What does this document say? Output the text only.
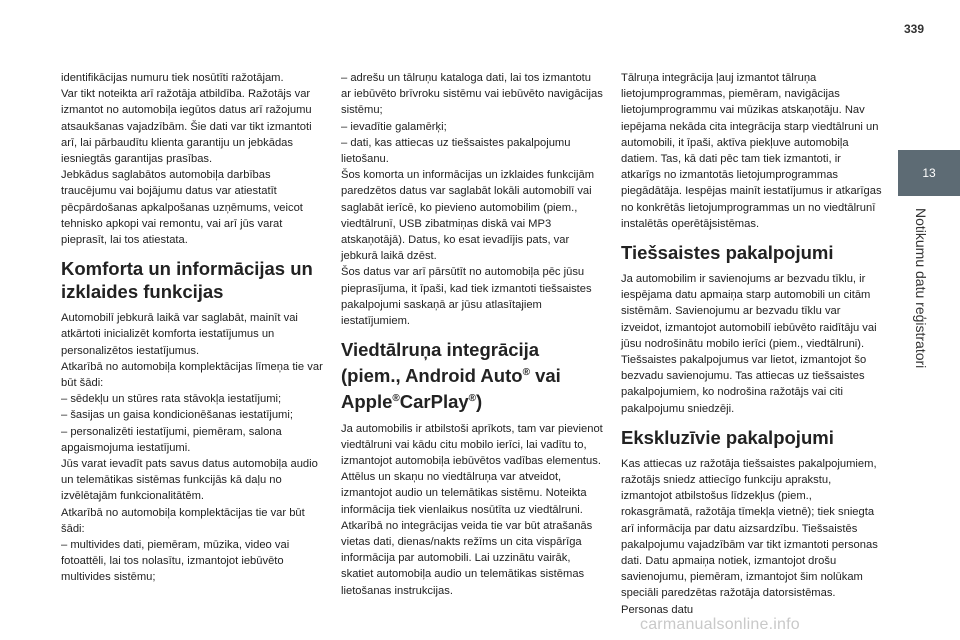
339
13
Notikumu datu reģistratori

identifikācijas numuru tiek nosūtīti ražotājam.
Var tikt noteikta arī ražotāja atbildība. Ražotājs var izmantot no automobiļa iegūtos datus arī ražojumu atsaukšanas vajadzībām. Šie dati var tikt izmantoti arī, lai pārbaudītu klienta garantiju un jebkādas iesniegtās garantijas prasības.
Jebkādus saglabātos automobiļa darbības traucējumu vai bojājumu datus var atiestatīt pēcpārdošanas apkalpošanas uzņēmums, veicot tehnisko apkopi vai remontu, vai arī jūs varat pieprasīt, lai tos atiestata.

Komforta un informācijas un izklaides funkcijas

Automobilī jebkurā laikā var saglabāt, mainīt vai atkārtoti inicializēt komforta iestatījumus un personalizētos iestatījumus.
Atkarībā no automobiļa komplektācijas līmeņa tie var būt šādi:
– sēdekļu un stūres rata stāvokļa iestatījumi;
– šasijas un gaisa kondicionēšanas iestatījumi;
– personalizēti iestatījumi, piemēram, salona apgaismojuma iestatījumi.
Jūs varat ievadīt pats savus datus automobiļa audio un telemātikas sistēmas funkcijās kā daļu no izvēlētajām funkcionalitātēm.
Atkarībā no automobiļa komplektācijas tie var būt šādi:
– multivides dati, piemēram, mūzika, video vai fotoattēli, lai tos nolasītu, izmantojot iebūvēto multivides sistēmu;

– adrešu un tālruņu kataloga dati, lai tos izmantotu ar iebūvēto brīvroku sistēmu vai iebūvēto navigācijas sistēmu;
– ievadītie galamērķi;
– dati, kas attiecas uz tiešsaistes pakalpojumu lietošanu.
Šos komorta un informācijas un izklaides funkcijām paredzētos datus var saglabāt lokāli automobilī vai saglabāt ierīcē, ko pievieno automobilim (piem., viedtālrunī, USB zibatmiņas diskā vai MP3 atskaņotājā). Datus, ko esat ievadījis pats, var jebkurā laikā dzēst.
Šos datus var arī pārsūtīt no automobiļa pēc jūsu pieprasījuma, it īpaši, kad tiek izmantoti tiešsaistes pakalpojumi saskaņā ar jūsu atlasītajiem iestatījumiem.

Viedtālruņa integrācija (piem., Android Auto® vai Apple®CarPlay®)

Ja automobilis ir atbilstoši aprīkots, tam var pievienot viedtālruni vai kādu citu mobilo ierīci, lai vadītu to, izmantojot automobiļa iebūvētos vadības elementus. Attēlus un skaņu no viedtālruņa var atveidot, izmantojot audio un telemātikas sistēmu. Noteikta informācija tiek vienlaikus nosūtīta uz viedtālruni. Atkarībā no integrācijas veida tie var būt atrašanās vietas dati, dienas/nakts režīms un cita vispārīga informācija par automobili. Lai uzzinātu vairāk, skatiet automobiļa audio un telemātikas sistēmas lietošanas instrukcijas.

Tālruņa integrācija ļauj izmantot tālruņa lietojumprogrammas, piemēram, navigācijas lietojumprogrammu vai mūzikas atskaņotāju. Nav iepējama nekāda cita integrācija starp viedtālruni un automobili, it īpaši, aktīva piekļuve automobiļa datiem. Tas, kā dati pēc tam tiek izmantoti, ir atkarīgs no izmantotās lietojumprogrammas piegādātāja. Iespējas mainīt iestatījumus ir atkarīgas no konkrētās lietojumprogrammas un no viedtālrunī instalētās operētājsistēmas.

Tiešsaistes pakalpojumi

Ja automobilim ir savienojums ar bezvadu tīklu, ir iespējama datu apmaiņa starp automobili un citām sistēmām. Savienojumu ar bezvadu tīklu var izveidot, izmantojot automobilī iebūvēto raidītāju vai jūsu nodrošinātu mobilo ierīci (piem., viedtālruni). Tiešsaistes pakalpojumus var lietot, izmantojot šo bezvadu savienojumu. Tas attiecas uz tiešsaistes pakalpojumiem, ko nodrošina ražotājs vai citi pakalpojumu sniedzēji.

Ekskluzīvie pakalpojumi

Kas attiecas uz ražotāja tiešsaistes pakalpojumiem, ražotājs sniedz attiecīgo funkciju aprakstu, izmantojot atbilstošus līdzekļus (piem., rokasgrāmatā, ražotāja tīmekļa vietnē); tiek sniegta arī informācija par datu aizsardzību. Tiešsaistēs pakalpojumu vajadzībām var tikt izmantoti personas dati. Datu apmaiņa notiek, izmantojot drošu savienojumu, piemēram, izmantojot šim nolūkam speciāli paredzētas ražotāja datorsistēmas. Personas datu

carmanualsonline.info
